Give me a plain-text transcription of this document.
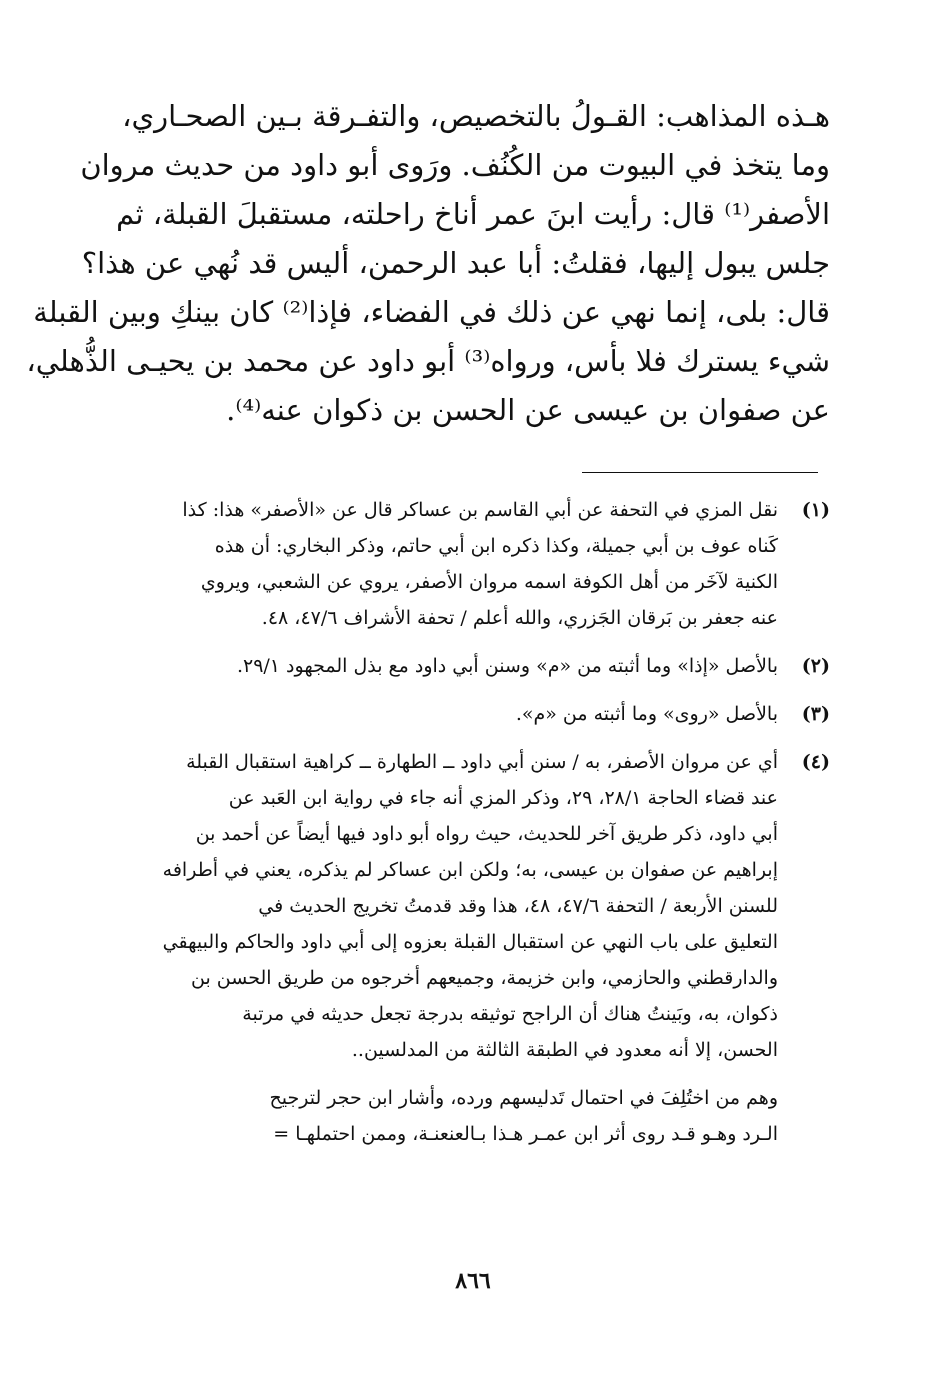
هـذه المذاهب: القـولُ بالتخصيص، والتفـرقة بـين الصحـاري،
وما يتخذ في البيوت من الكُنُف. ورَوى أبو داود من حديث مروان
الأصفر⁽¹⁾ قال: رأيت ابنَ عمر أناخ راحلته، مستقبلَ القبلة، ثم
جلس يبول إليها، فقلتُ: أبا عبد الرحمن، أليس قد نُهي عن هذا؟
قال: بلى، إنما نهي عن ذلك في الفضاء، فإذا⁽²⁾ كان بينكِ وبين القبلة
شيء يسترك فلا بأس، ورواه⁽³⁾ أبو داود عن محمد بن يحيـى الذُّهلي،
عن صفوان بن عيسى عن الحسن بن ذكوان عنه⁽⁴⁾.
(١)
نقل المزي في التحفة عن أبي القاسم بن عساكر قال عن «الأصفر» هذا: كذا
كَناه عوف بن أبي جميلة، وكذا ذكره ابن أبي حاتم، وذكر البخاري: أن هذه
الكنية لآخَر من أهل الكوفة اسمه مروان الأصفر، يروي عن الشعبي، ويروي
عنه جعفر بن بَرقان الجَزري، والله أعلم / تحفة الأشراف ٤٧/٦، ٤٨.
(٢)
بالأصل «إذا» وما أثبته من «م» وسنن أبي داود مع بذل المجهود ٢٩/١.
(٣)
بالأصل «روى» وما أثبته من «م».
(٤)
أي عن مروان الأصفر، به / سنن أبي داود ــ الطهارة ــ كراهية استقبال القبلة
عند قضاء الحاجة ٢٨/١، ٢٩، وذكر المزي أنه جاء في رواية ابن العَبد عن
أبي داود، ذكر طريق آخر للحديث، حيث رواه أبو داود فيها أيضاً عن أحمد بن
إبراهيم عن صفوان بن عيسى، به؛ ولكن ابن عساكر لم يذكره، يعني في أطرافه
للسنن الأربعة / التحفة ٤٧/٦، ٤٨، هذا وقد قدمتُ تخريج الحديث في
التعليق على باب النهي عن استقبال القبلة بعزوه إلى أبي داود والحاكم والبيهقي
والدارقطني والحازمي، وابن خزيمة، وجميعهم أخرجوه من طريق الحسن بن
ذكوان، به، وبَينتُ هناك أن الراجح توثيقه بدرجة تجعل حديثه في مرتبة
الحسن، إلا أنه معدود في الطبقة الثالثة من المدلسين..
وهم من اختُلِفَ في احتمال تَدليسهم ورده، وأشار ابن حجر لترجيح
الـرد وهـو قـد روى أثر ابن عمـر هـذا بـالعنعنـة، وممن احتملهـا =
٨٦٦
